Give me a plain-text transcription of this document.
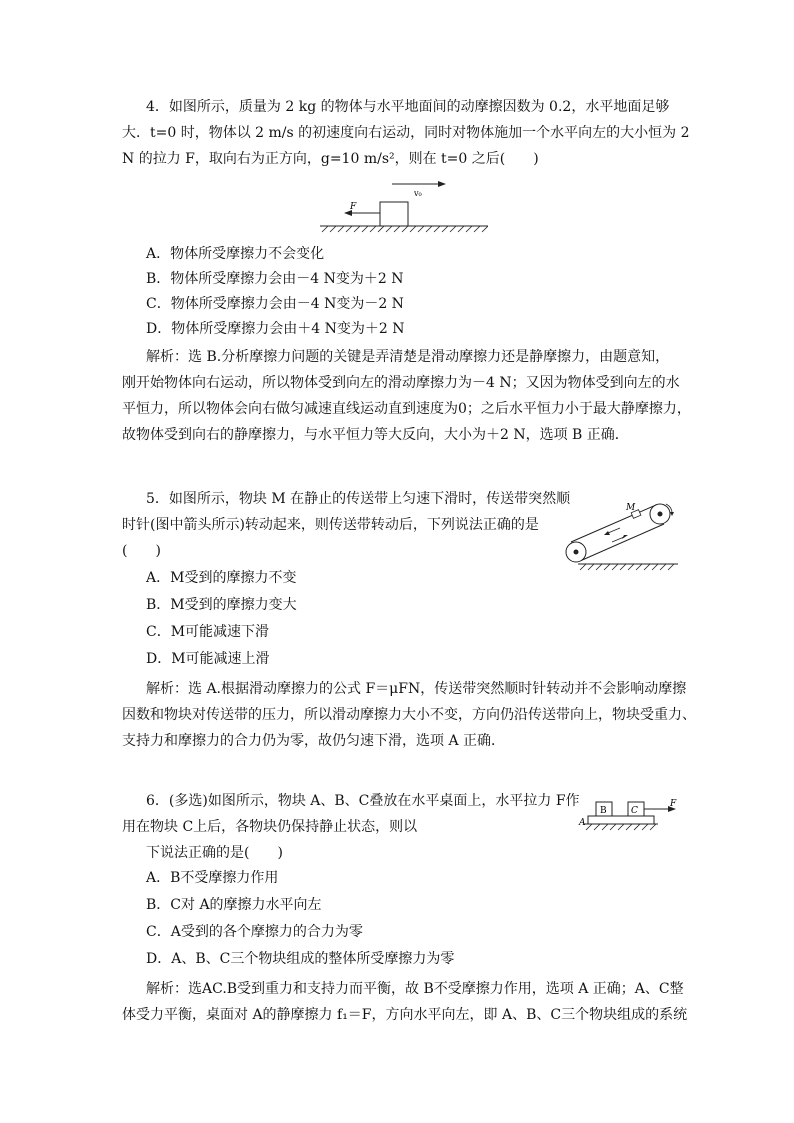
4．如图所示，质量为 2 kg 的物体与水平地面间的动摩擦因数为 0.2，水平地面足够
大．t=0 时，物体以 2 m/s 的初速度向右运动，同时对物体施加一个水平向左的大小恒为 2
N 的拉力 F，取向右为正方向，g=10 m/s²，则在 t=0 之后(　　)
v₀
F
A．物体所受摩擦力不会变化
B．物体所受摩擦力会由－4 N变为＋2 N
C．物体所受摩擦力会由－4 N变为－2 N
D．物体所受摩擦力会由＋4 N变为＋2 N
解析：选 B.分析摩擦力问题的关键是弄清楚是滑动摩擦力还是静摩擦力，由题意知，
刚开始物体向右运动，所以物体受到向左的滑动摩擦力为－4 N；又因为物体受到向左的水
平恒力，所以物体会向右做匀减速直线运动直到速度为0；之后水平恒力小于最大静摩擦力，
故物体受到向右的静摩擦力，与水平恒力等大反向，大小为＋2 N，选项 B 正确．
5．如图所示，物块 M 在静止的传送带上匀速下滑时，传送带突然顺
时针(图中箭头所示)转动起来，则传送带转动后，下列说法正确的是
(　　)
M
A．M受到的摩擦力不变
B．M受到的摩擦力变大
C．M可能减速下滑
D．M可能减速上滑
解析：选 A.根据滑动摩擦力的公式 F＝μFN，传送带突然顺时针转动并不会影响动摩擦
因数和物块对传送带的压力，所以滑动摩擦力大小不变，方向仍沿传送带向上，物块受重力、
支持力和摩擦力的合力仍为零，故仍匀速下滑，选项 A 正确．
6．(多选)如图所示，物块 A、B、C叠放在水平桌面上，水平拉力 F作
用在物块 C上后，各物块仍保持静止状态，则以
下说法正确的是(　　)
A
B	C
F
A．B不受摩擦力作用
B．C对 A的摩擦力水平向左
C．A受到的各个摩擦力的合力为零
D．A、B、C三个物块组成的整体所受摩擦力为零
解析：选AC.B受到重力和支持力而平衡，故 B不受摩擦力作用，选项 A 正确；A、C整
体受力平衡，桌面对 A的静摩擦力 f₁＝F，方向水平向左，即 A、B、C三个物块组成的系统
